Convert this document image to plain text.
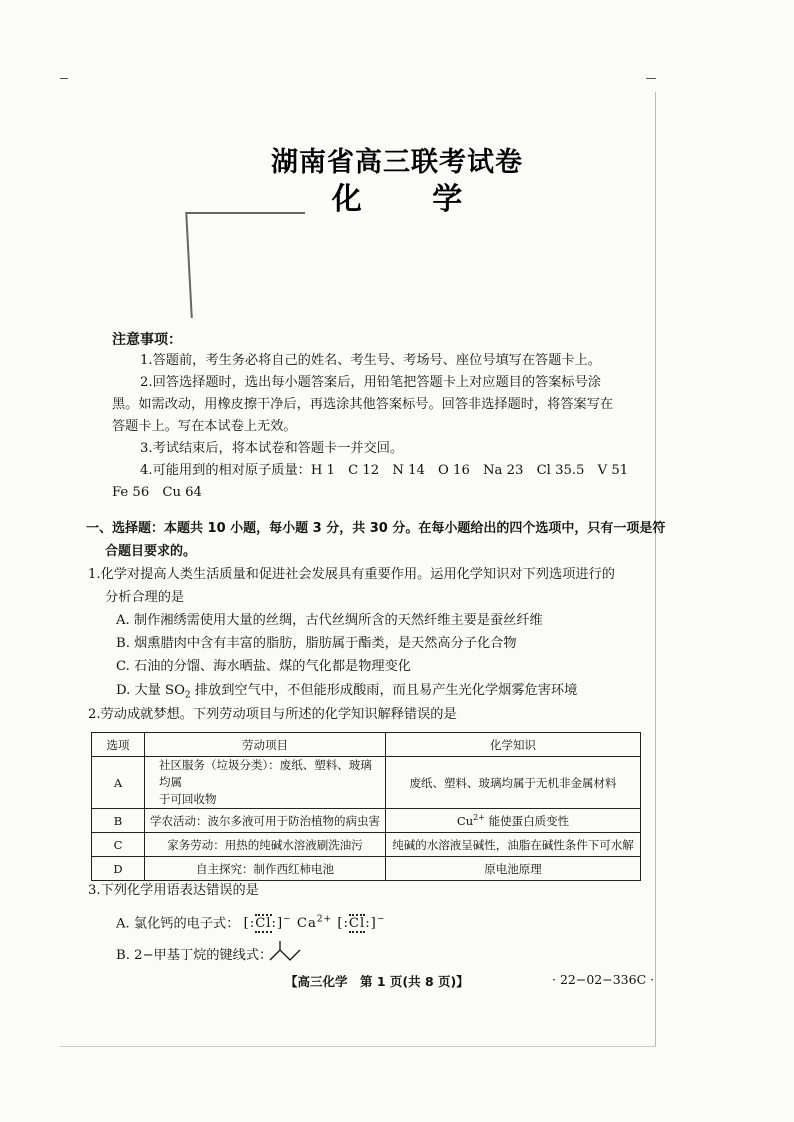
湖南省高三联考试卷
化 学
注意事项：
1.答题前，考生务必将自己的姓名、考生号、考场号、座位号填写在答题卡上。
2.回答选择题时，选出每小题答案后，用铅笔把答题卡上对应题目的答案标号涂
黑。如需改动，用橡皮擦干净后，再选涂其他答案标号。回答非选择题时，将答案写在
答题卡上。写在本试卷上无效。
3.考试结束后，将本试卷和答题卡一并交回。
4.可能用到的相对原子质量：H 1　C 12　N 14　O 16　Na 23　Cl 35.5　V 51
Fe 56　Cu 64
一、选择题：本题共 10 小题，每小题 3 分，共 30 分。在每小题给出的四个选项中，只有一项是符
合题目要求的。
1.化学对提高人类生活质量和促进社会发展具有重要作用。运用化学知识对下列选项进行的
分析合理的是
A. 制作湘绣需使用大量的丝绸，古代丝绸所含的天然纤维主要是蚕丝纤维
B. 烟熏腊肉中含有丰富的脂肪，脂肪属于酯类，是天然高分子化合物
C. 石油的分馏、海水晒盐、煤的气化都是物理变化
D. 大量 $SO_2$ 排放到空气中，不但能形成酸雨，而且易产生光化学烟雾危害环境
2.劳动成就梦想。下列劳动项目与所述的化学知识解释错误的是
选项	劳动项目	化学知识
A	社区服务（垃圾分类）：废纸、塑料、玻璃均属
于可回收物	废纸、塑料、玻璃均属于无机非金属材料
B	学农活动：波尔多液可用于防治植物的病虫害	$Cu^{2+}$ 能使蛋白质变性
C	家务劳动：用热的纯碱水溶液刷洗油污	纯碱的水溶液呈碱性，油脂在碱性条件下可水解
D	自主探究：制作西红柿电池	原电池原理
3.下列化学用语表达错误的是
A. 氯化钙的电子式： [:Cl:]− $Ca^{2+}$ [:Cl:]−
B. 2−甲基丁烷的键线式：
【高三化学　第 1 页(共 8 页)】	· 22−02−336C ·
